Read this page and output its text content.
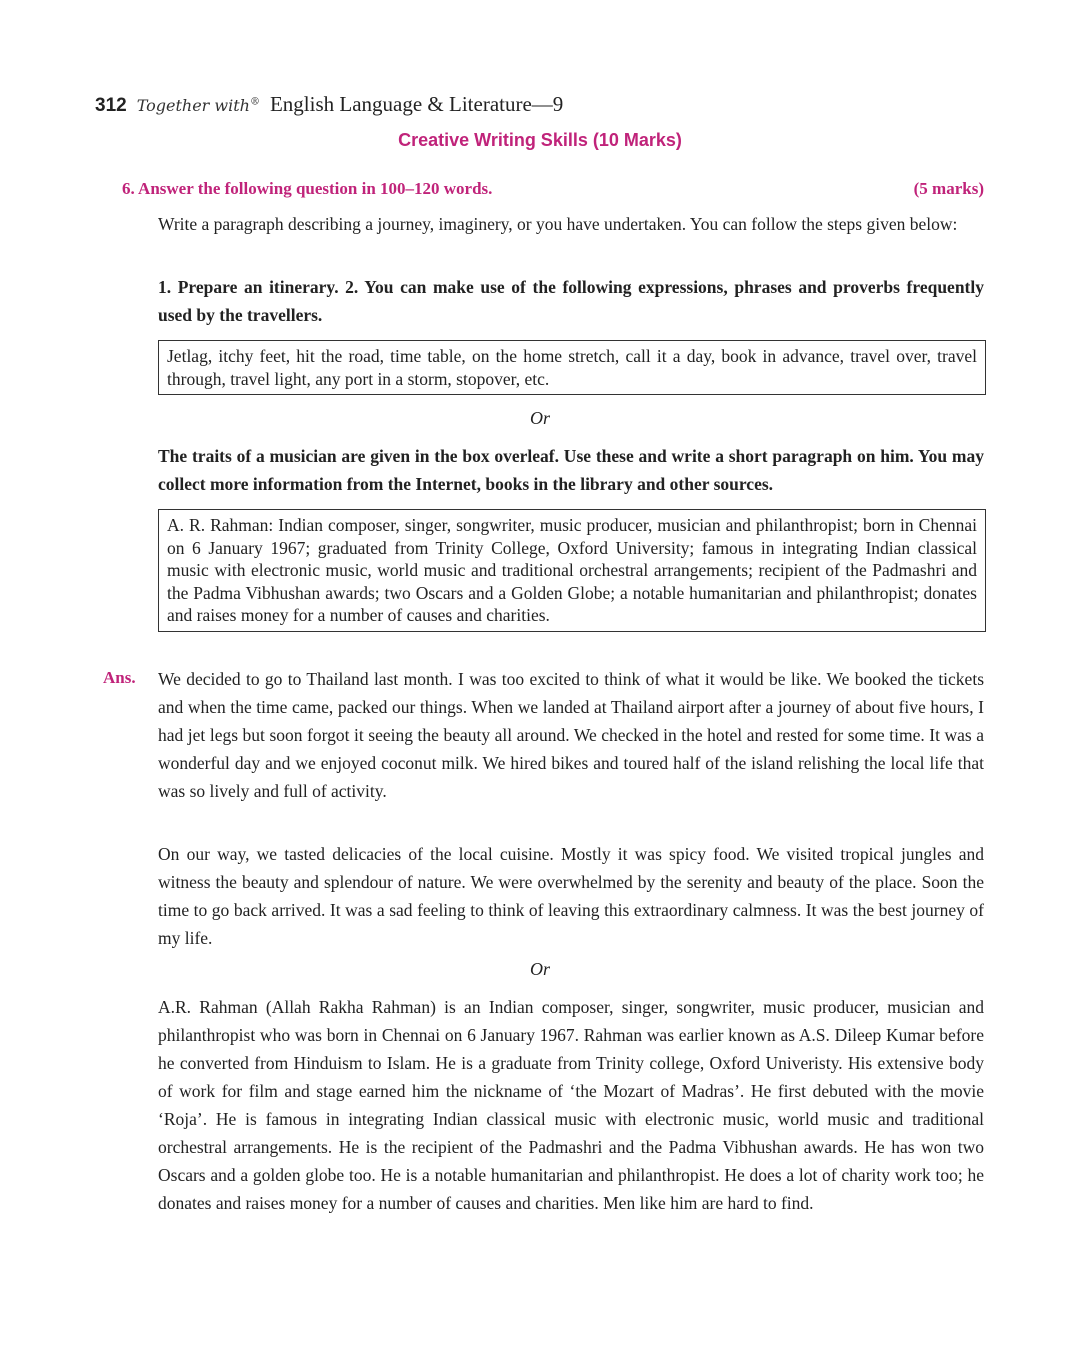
312 Together with® English Language & Literature—9
Creative Writing Skills (10 Marks)
6. Answer the following question in 100–120 words.	(5 marks)
Write a paragraph describing a journey, imaginery, or you have undertaken. You can follow the steps given below:
1. Prepare an itinerary. 2. You can make use of the following expressions, phrases and proverbs frequently used by the travellers.
Jetlag, itchy feet, hit the road, time table, on the home stretch, call it a day, book in advance, travel over, travel through, travel light, any port in a storm, stopover, etc.
Or
The traits of a musician are given in the box overleaf. Use these and write a short paragraph on him. You may collect more information from the Internet, books in the library and other sources.
A. R. Rahman: Indian composer, singer, songwriter, music producer, musician and philanthropist; born in Chennai on 6 January 1967; graduated from Trinity College, Oxford University; famous in integrating Indian classical music with electronic music, world music and traditional orchestral arrangements; recipient of the Padmashri and the Padma Vibhushan awards; two Oscars and a Golden Globe; a notable humanitarian and philanthropist; donates and raises money for a number of causes and charities.
Ans. We decided to go to Thailand last month. I was too excited to think of what it would be like. We booked the tickets and when the time came, packed our things. When we landed at Thailand airport after a journey of about five hours, I had jet legs but soon forgot it seeing the beauty all around. We checked in the hotel and rested for some time. It was a wonderful day and we enjoyed coconut milk. We hired bikes and toured half of the island relishing the local life that was so lively and full of activity.
On our way, we tasted delicacies of the local cuisine. Mostly it was spicy food. We visited tropical jungles and witness the beauty and splendour of nature. We were overwhelmed by the serenity and beauty of the place. Soon the time to go back arrived. It was a sad feeling to think of leaving this extraordinary calmness. It was the best journey of my life.
Or
A.R. Rahman (Allah Rakha Rahman) is an Indian composer, singer, songwriter, music producer, musician and philanthropist who was born in Chennai on 6 January 1967. Rahman was earlier known as A.S. Dileep Kumar before he converted from Hinduism to Islam. He is a graduate from Trinity college, Oxford Univeristy. His extensive body of work for film and stage earned him the nickname of ‘the Mozart of Madras’. He first debuted with the movie ‘Roja’. He is famous in integrating Indian classical music with electronic music, world music and traditional orchestral arrangements. He is the recipient of the Padmashri and the Padma Vibhushan awards. He has won two Oscars and a golden globe too. He is a notable humanitarian and philanthropist. He does a lot of charity work too; he donates and raises money for a number of causes and charities. Men like him are hard to find.
